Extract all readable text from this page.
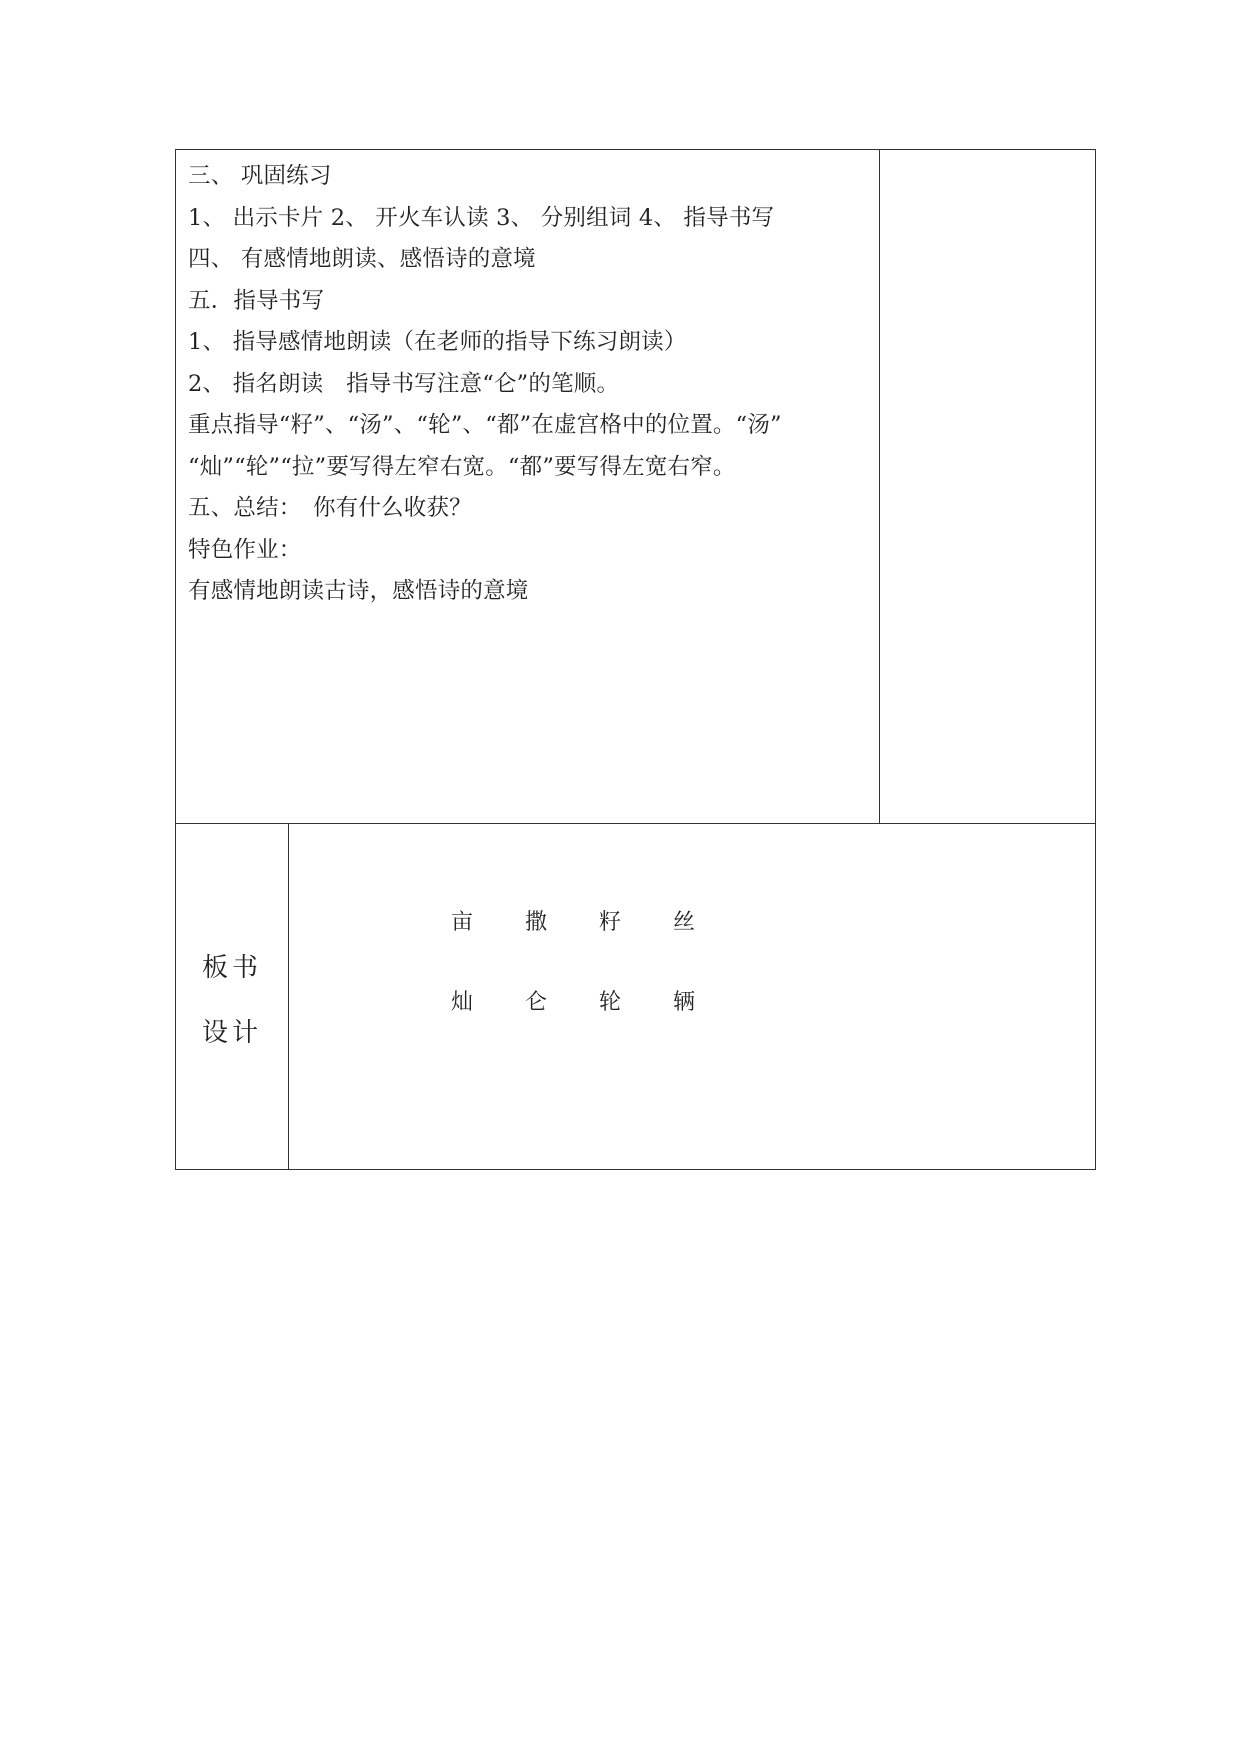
三、 巩固练习
1、 出示卡片 2、 开火车认读 3、 分别组词 4、 指导书写
四、 有感情地朗读、感悟诗的意境
五．指导书写
1、 指导感情地朗读（在老师的指导下练习朗读）
2、 指名朗读　指导书写注意“仑”的笔顺。
重点指导“籽”、“汤”、“轮”、“都”在虚宫格中的位置。“汤”
“灿”“轮”“拉”要写得左窄右宽。“都”要写得左宽右窄。
五、总结：　你有什么收获？
特色作业：
有感情地朗读古诗，感悟诗的意境
板书
设计
亩	撒	籽	丝
灿	仑	轮	辆
